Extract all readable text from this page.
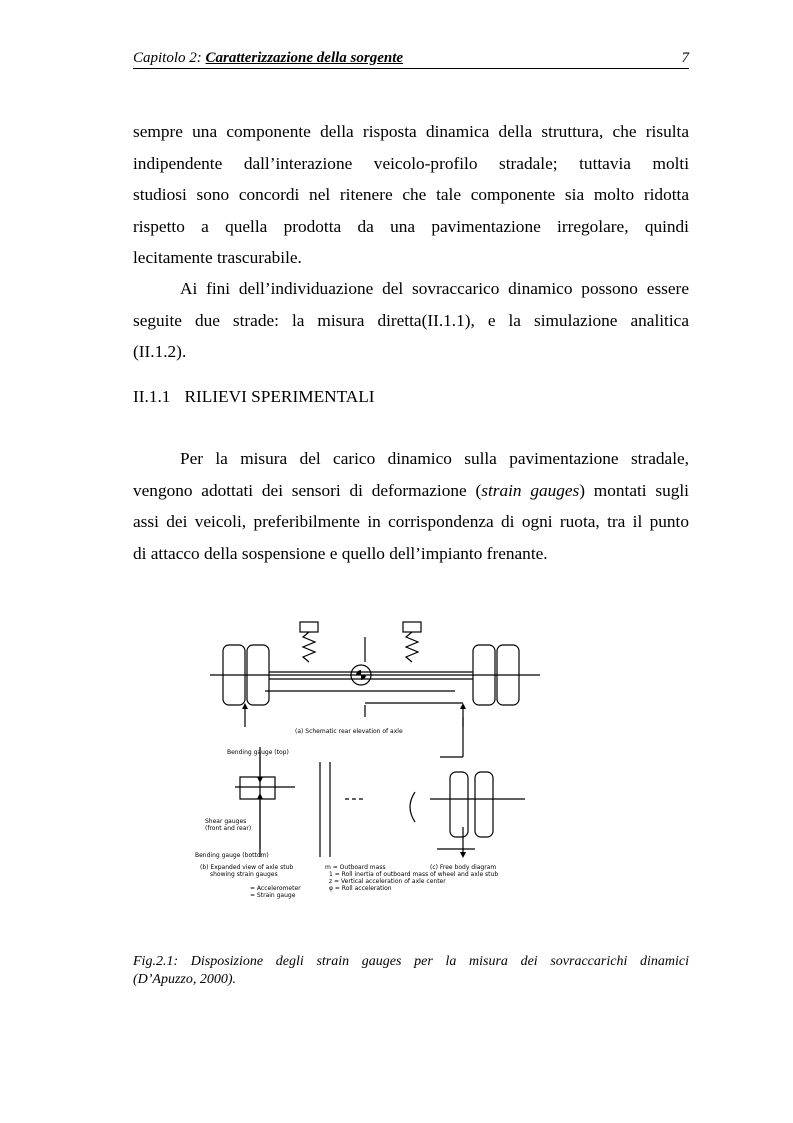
Capitolo 2: Caratterizzazione della sorgente	7
sempre una componente della risposta dinamica della struttura, che risulta
indipendente dall’interazione veicolo-profilo stradale; tuttavia molti
studiosi sono concordi nel ritenere che tale componente sia molto ridotta
rispetto a quella prodotta da una pavimentazione irregolare, quindi
lecitamente trascurabile.
Ai fini dell’individuazione del sovraccarico dinamico possono essere
seguite due strade: la misura diretta(II.1.1), e la simulazione analitica
(II.1.2).
II.1.1 RILIEVI SPERIMENTALI
Per la misura del carico dinamico sulla pavimentazione stradale,
vengono adottati dei sensori di deformazione (strain gauges) montati sugli
assi dei veicoli, preferibilmente in corrispondenza di ogni ruota, tra il punto
di attacco della sospensione e quello dell’impianto frenante.
(a) Schematic rear elevation of axle
Bending gauge (top)
Shear gauges
(front and rear)
Bending gauge (bottom)
(b) Expanded view of axle stub
showing strain gauges
(c) Free body diagram
of wheel and axle stub
m = Outboard mass
1 = Roll inertia of outboard mass
z = Vertical acceleration of axle center
φ = Roll acceleration
= Accelerometer
= Strain gauge
Fig.2.1: Disposizione degli strain gauges per la misura dei sovraccarichi dinamici
(D’Apuzzo, 2000).
